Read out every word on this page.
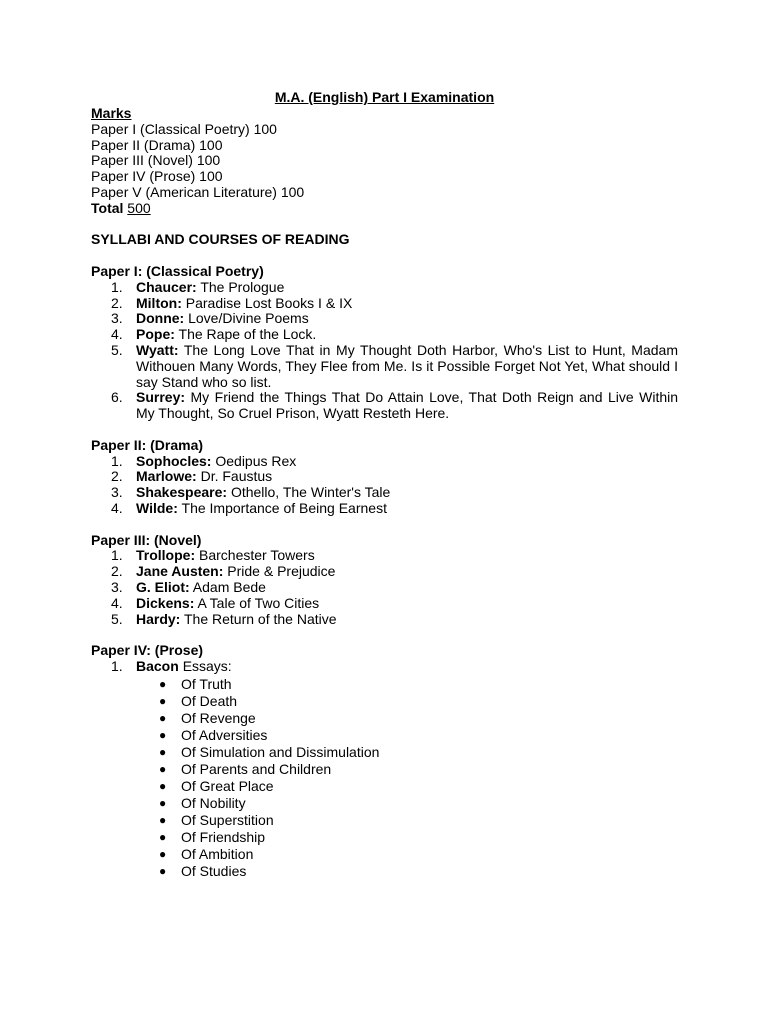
M.A. (English) Part I Examination

Marks

Paper I (Classical Poetry) 100

Paper II (Drama) 100

Paper III (Novel) 100

Paper IV (Prose) 100

Paper V (American Literature) 100

Total 500

SYLLABI AND COURSES OF READING

Paper I: (Classical Poetry)

1. Chaucer: The Prologue
2. Milton: Paradise Lost Books I & IX
3. Donne: Love/Divine Poems
4. Pope: The Rape of the Lock.
5. Wyatt: The Long Love That in My Thought Doth Harbor, Who's List to Hunt, Madam Withouen Many Words, They Flee from Me. Is it Possible Forget Not Yet, What should I say Stand who so list.
6. Surrey: My Friend the Things That Do Attain Love, That Doth Reign and Live Within My Thought, So Cruel Prison, Wyatt Resteth Here.

Paper II: (Drama)

1. Sophocles: Oedipus Rex
2. Marlowe: Dr. Faustus
3. Shakespeare: Othello, The Winter's Tale
4. Wilde: The Importance of Being Earnest

Paper III: (Novel)

1. Trollope: Barchester Towers
2. Jane Austen: Pride & Prejudice
3. G. Eliot: Adam Bede
4. Dickens: A Tale of Two Cities
5. Hardy: The Return of the Native

Paper IV: (Prose)

1. Bacon Essays:
● Of Truth
● Of Death
● Of Revenge
● Of Adversities
● Of Simulation and Dissimulation
● Of Parents and Children
● Of Great Place
● Of Nobility
● Of Superstition
● Of Friendship
● Of Ambition
● Of Studies
